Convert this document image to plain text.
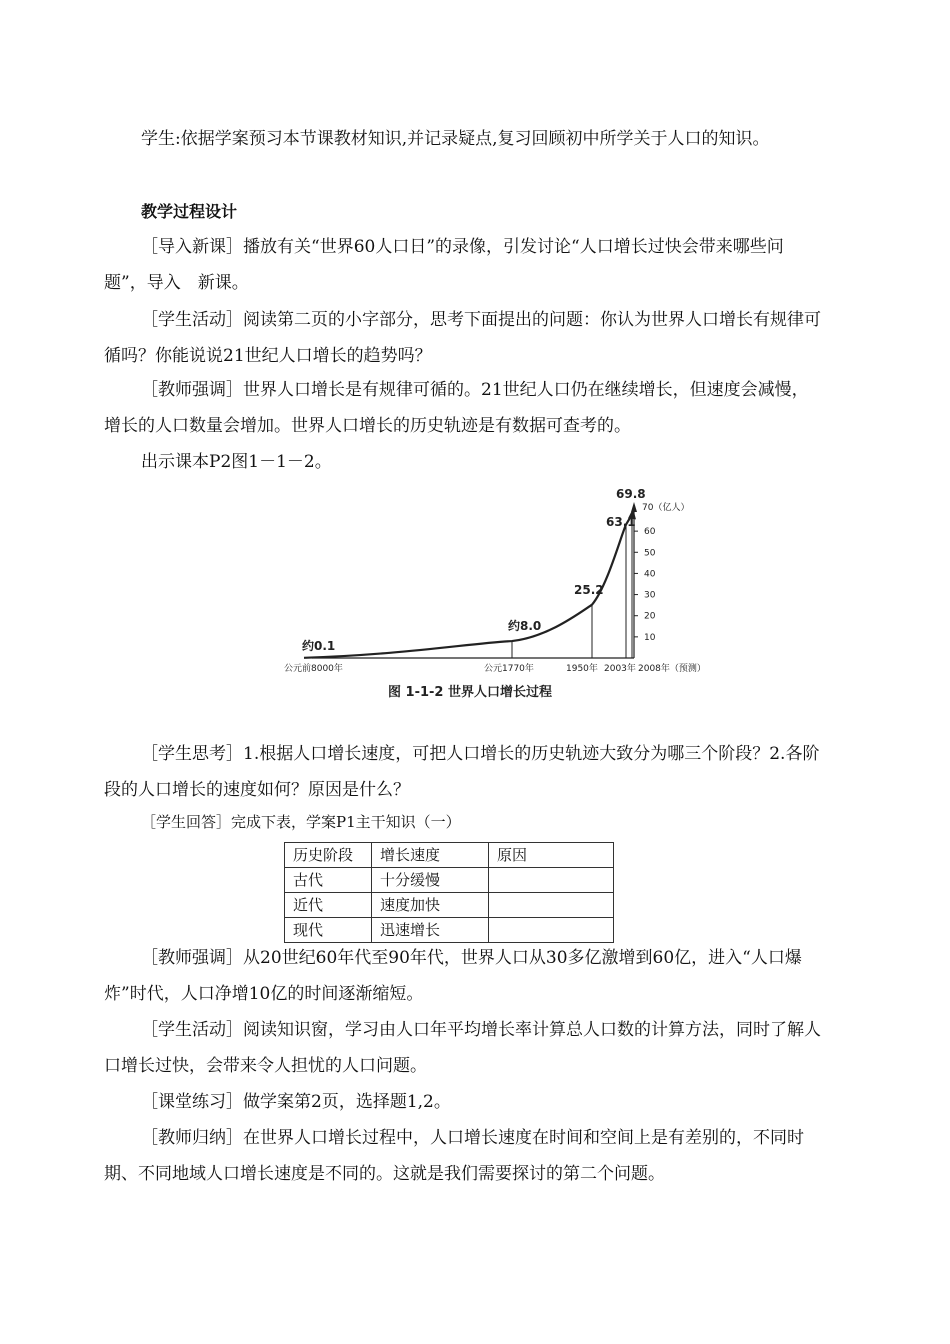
学生:依据学案预习本节课教材知识,并记录疑点,复习回顾初中所学关于人口的知识。

教学过程设计

［导入新课］播放有关“世界60人口日”的录像，引发讨论“人口增长过快会带来哪些问题”，导入　新课。

［学生活动］阅读第二页的小字部分，思考下面提出的问题：你认为世界人口增长有规律可循吗？你能说说21世纪人口增长的趋势吗？

［教师强调］世界人口增长是有规律可循的。21世纪人口仍在继续增长，但速度会减慢，增长的人口数量会增加。世界人口增长的历史轨迹是有数据可查考的。

出示课本P2图1－1－2。

10
20
30
40
50
60
70（亿人）
约0.1
约8.0
25.2
63.1
69.8
公元前8000年	公元1770年	1950年 2003年 2008年（预测）
图 1-1-2 世界人口增长过程

［学生思考］1.根据人口增长速度，可把人口增长的历史轨迹大致分为哪三个阶段？2.各阶段的人口增长的速度如何？原因是什么？

［学生回答］完成下表，学案P1主干知识（一）

历史阶段	增长速度	原因
古代	十分缓慢	
近代	速度加快	
现代	迅速增长	

［教师强调］从20世纪60年代至90年代，世界人口从30多亿激增到60亿，进入“人口爆炸”时代，人口净增10亿的时间逐渐缩短。

［学生活动］阅读知识窗，学习由人口年平均增长率计算总人口数的计算方法，同时了解人口增长过快，会带来令人担忧的人口问题。

［课堂练习］做学案第2页，选择题1,2。

［教师归纳］在世界人口增长过程中，人口增长速度在时间和空间上是有差别的，不同时期、不同地域人口增长速度是不同的。这就是我们需要探讨的第二个问题。
